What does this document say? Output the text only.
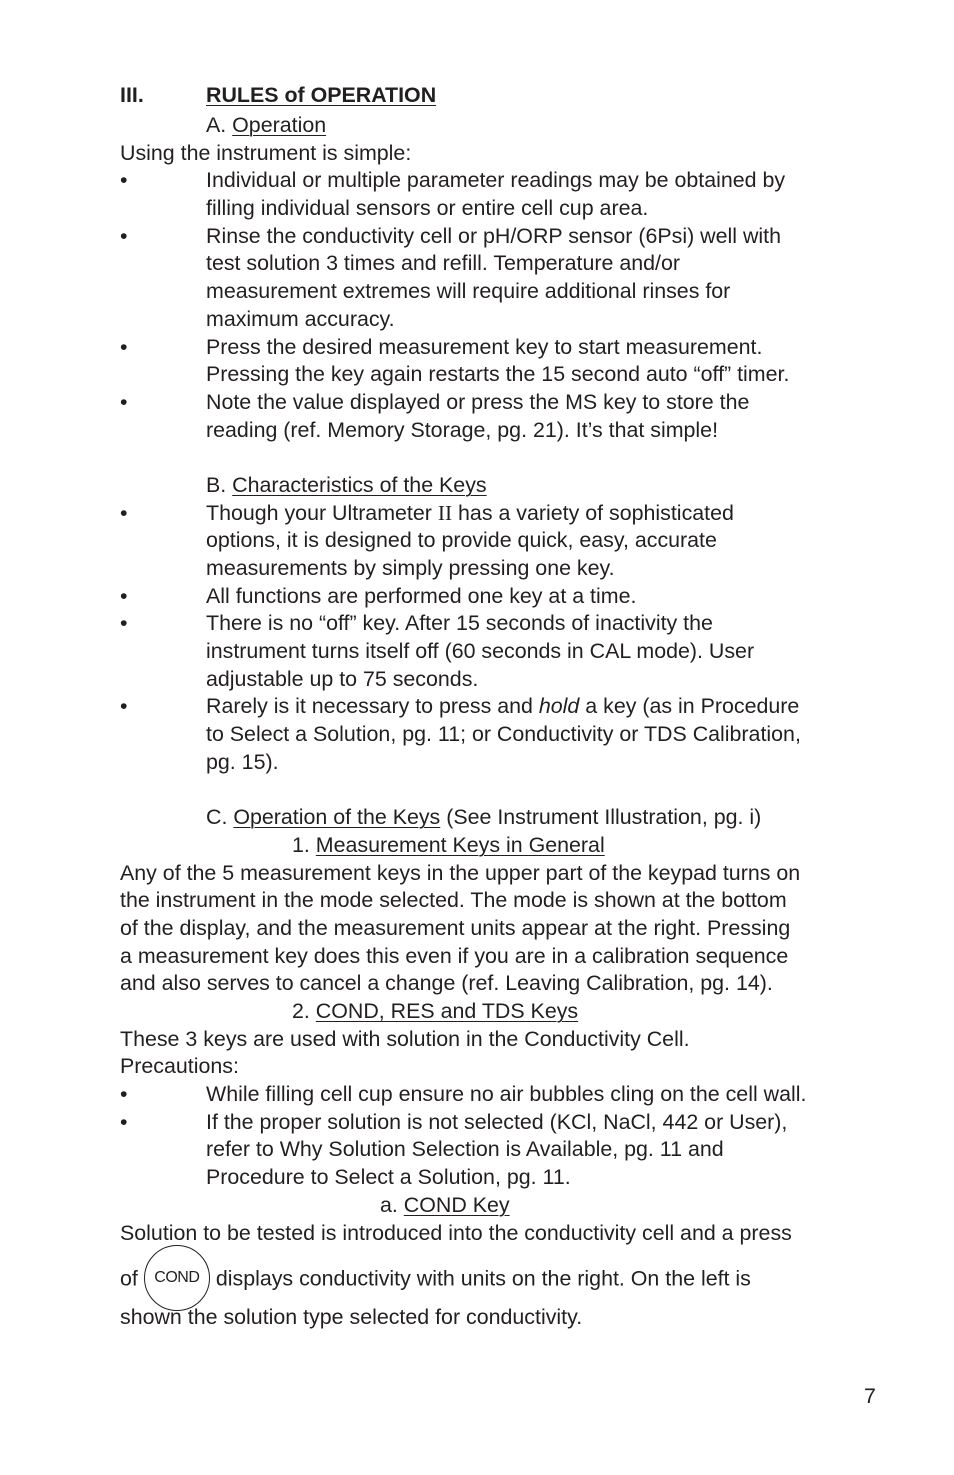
III.	RULES of OPERATION
A. Operation
Using the instrument is simple:
•	Individual or multiple parameter readings may be obtained by
filling individual sensors or entire cell cup area.
•	Rinse the conductivity cell or pH/ORP sensor (6Psi) well with
test solution 3 times and refill. Temperature and/or
measurement extremes will require additional rinses for
maximum accuracy.
•	Press the desired measurement key to start measurement.
Pressing the key again restarts the 15 second auto “off” timer.
•	Note the value displayed or press the MS key to store the
reading (ref. Memory Storage, pg. 21). It’s that simple!
B. Characteristics of the Keys
•	Though your Ultrameter II has a variety of sophisticated
options, it is designed to provide quick, easy, accurate
measurements by simply pressing one key.
•	All functions are performed one key at a time.
•	There is no “off” key. After 15 seconds of inactivity the
instrument turns itself off (60 seconds in CAL mode). User
adjustable up to 75 seconds.
•	Rarely is it necessary to press and hold a key (as in Procedure
to Select a Solution, pg. 11; or Conductivity or TDS Calibration,
pg. 15).
C. Operation of the Keys (See Instrument Illustration, pg. i)
1. Measurement Keys in General
Any of the 5 measurement keys in the upper part of the keypad turns on
the instrument in the mode selected. The mode is shown at the bottom
of the display, and the measurement units appear at the right. Pressing
a measurement key does this even if you are in a calibration sequence
and also serves to cancel a change (ref. Leaving Calibration, pg. 14).
2. COND, RES and TDS Keys
These 3 keys are used with solution in the Conductivity Cell.
Precautions:
•	While filling cell cup ensure no air bubbles cling on the cell wall.
•	If the proper solution is not selected (KCl, NaCl, 442 or User),
refer to Why Solution Selection is Available, pg. 11 and
Procedure to Select a Solution, pg. 11.
a. COND Key
Solution to be tested is introduced into the conductivity cell and a press
of COND displays conductivity with units on the right. On the left is
shown the solution type selected for conductivity.
7
